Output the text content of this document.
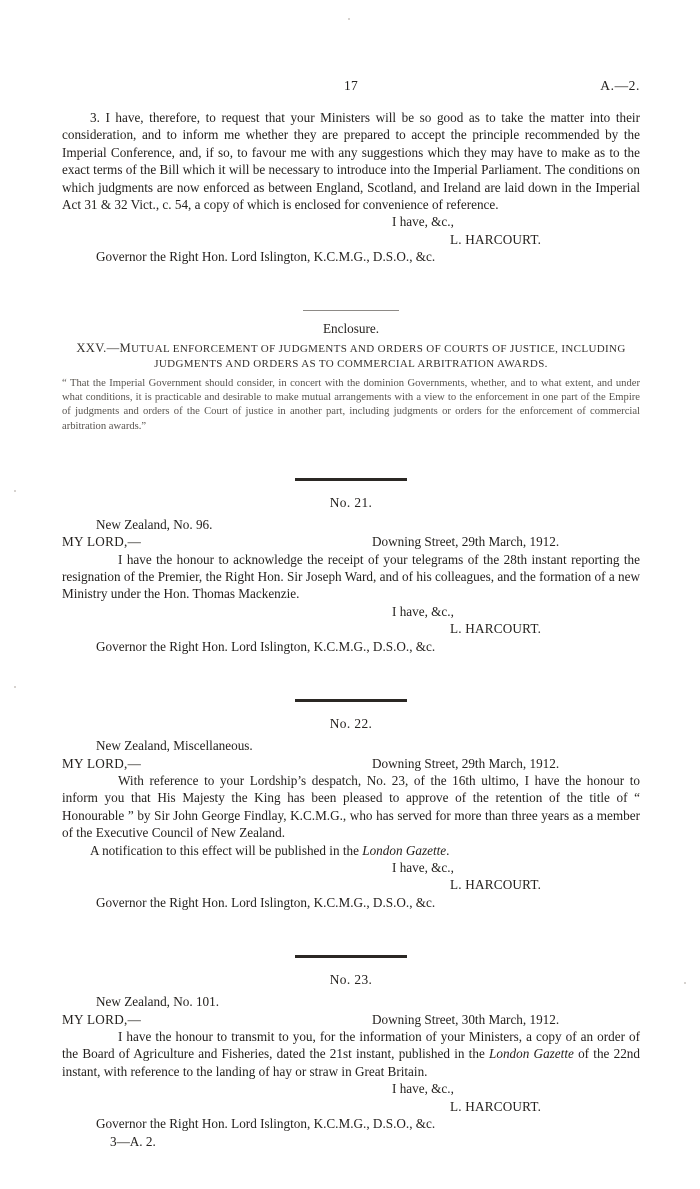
17	A.—2.

3. I have, therefore, to request that your Ministers will be so good as to take the matter into their consideration, and to inform me whether they are prepared to accept the principle recommended by the Imperial Conference, and, if so, to favour me with any suggestions which they may have to make as to the exact terms of the Bill which it will be necessary to introduce into the Imperial Parliament. The conditions on which judgments are now enforced as between England, Scotland, and Ireland are laid down in the Imperial Act 31 & 32 Vict., c. 54, a copy of which is enclosed for convenience of reference.

I have, &c.,
L. HARCOURT.
Governor the Right Hon. Lord Islington, K.C.M.G., D.S.O., &c.
Enclosure.
XXV.—MUTUAL ENFORCEMENT OF JUDGMENTS AND ORDERS OF COURTS OF JUSTICE, INCLUDING
JUDGMENTS AND ORDERS AS TO COMMERCIAL ARBITRATION AWARDS.
“ That the Imperial Government should consider, in concert with the dominion Governments, whether, and to what extent, and under what conditions, it is practicable and desirable to make mutual arrangements with a view to the enforcement in one part of the Empire of judgments and orders of the Court of justice in another part, including judgments or orders for the enforcement of commercial arbitration awards.”
No. 21.
New Zealand, No. 96.
MY LORD,—	Downing Street, 29th March, 1912.

I have the honour to acknowledge the receipt of your telegrams of the 28th instant reporting the resignation of the Premier, the Right Hon. Sir Joseph Ward, and of his colleagues, and the formation of a new Ministry under the Hon. Thomas Mackenzie.

I have, &c.,
L. HARCOURT.
Governor the Right Hon. Lord Islington, K.C.M.G., D.S.O., &c.
No. 22.
New Zealand, Miscellaneous.
MY LORD,—	Downing Street, 29th March, 1912.

With reference to your Lordship’s despatch, No. 23, of the 16th ultimo, I have the honour to inform you that His Majesty the King has been pleased to approve of the retention of the title of “ Honourable ” by Sir John George Findlay, K.C.M.G., who has served for more than three years as a member of the Executive Council of New Zealand.

A notification to this effect will be published in the London Gazette.

I have, &c.,
L. HARCOURT.
Governor the Right Hon. Lord Islington, K.C.M.G., D.S.O., &c.
No. 23.
New Zealand, No. 101.
MY LORD,—	Downing Street, 30th March, 1912.

I have the honour to transmit to you, for the information of your Ministers, a copy of an order of the Board of Agriculture and Fisheries, dated the 21st instant, published in the London Gazette of the 22nd instant, with reference to the landing of hay or straw in Great Britain.

I have, &c.,
L. HARCOURT.
Governor the Right Hon. Lord Islington, K.C.M.G., D.S.O., &c.
3—A. 2.
